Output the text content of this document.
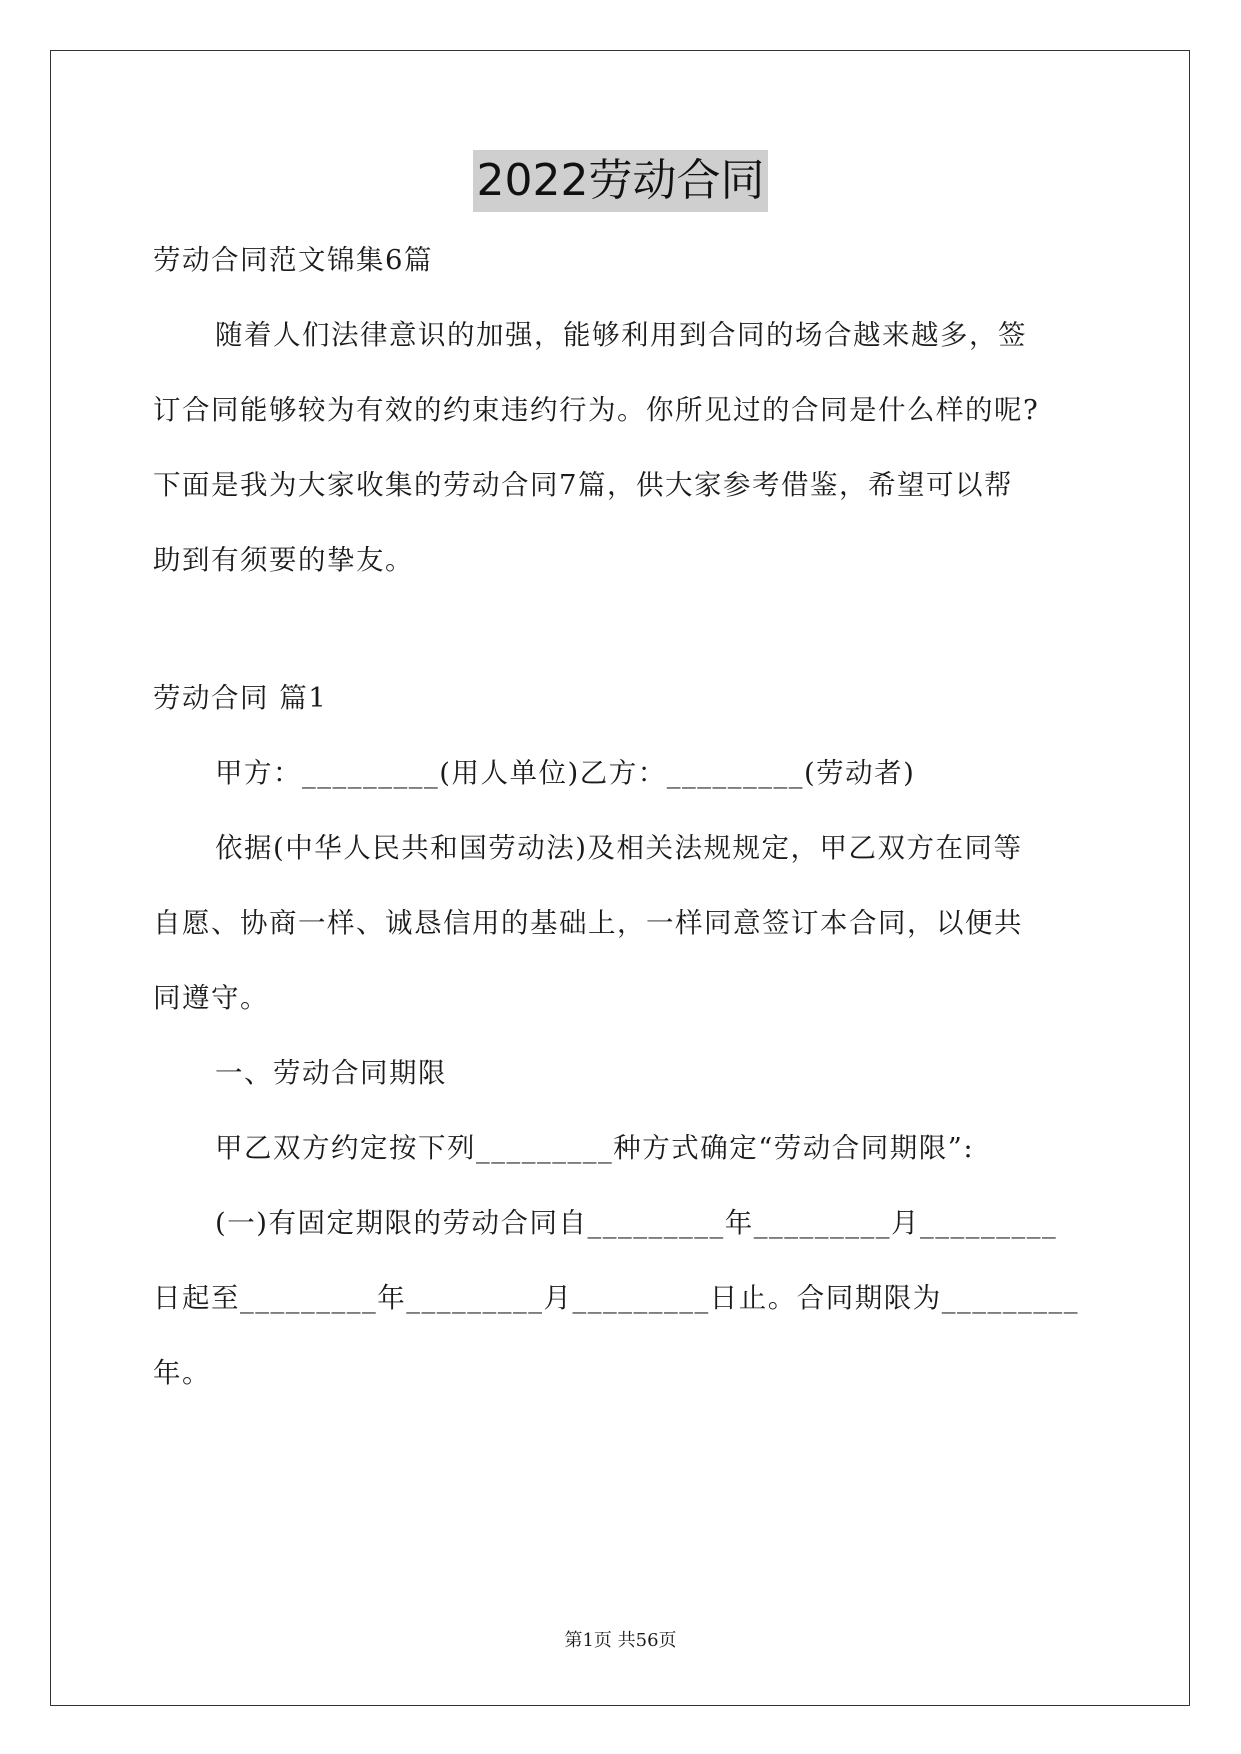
2022劳动合同
劳动合同范文锦集6篇
随着人们法律意识的加强，能够利用到合同的场合越来越多，签
订合同能够较为有效的约束违约行为。你所见过的合同是什么样的呢?
下面是我为大家收集的劳动合同7篇，供大家参考借鉴，希望可以帮
助到有须要的挚友。
劳动合同 篇1
甲方：_________(用人单位)乙方：_________(劳动者)
依据(中华人民共和国劳动法)及相关法规规定，甲乙双方在同等
自愿、协商一样、诚恳信用的基础上，一样同意签订本合同，以便共
同遵守。
一、劳动合同期限
甲乙双方约定按下列_________种方式确定“劳动合同期限”:
(一)有固定期限的劳动合同自_________年_________月_________
日起至_________年_________月_________日止。合同期限为_________
年。
第1页 共56页
